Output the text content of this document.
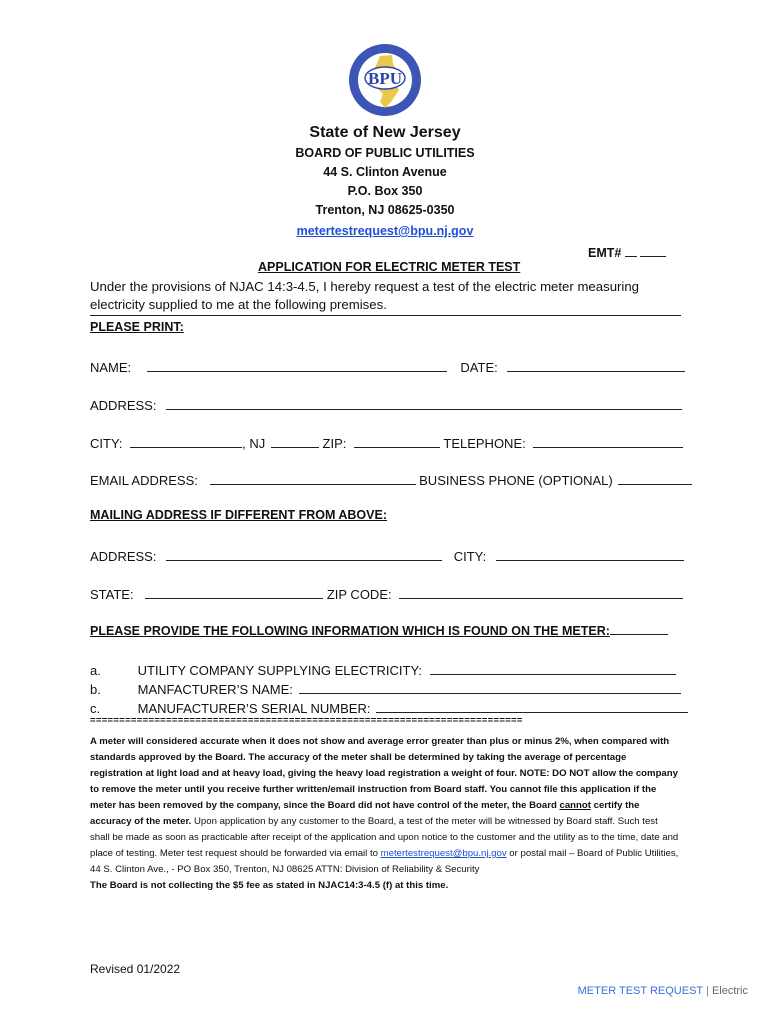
BPU
State of New Jersey
BOARD OF PUBLIC UTILITIES
44 S. Clinton Avenue
P.O. Box 350
Trenton, NJ 08625-0350
metertestrequest@bpu.nj.gov
EMT#
APPLICATION FOR ELECTRIC METER TEST
Under the provisions of NJAC 14:3-4.5, I hereby request a test of the electric meter measuring electricity supplied to me at the following premises.
PLEASE PRINT:
NAME:	DATE:
ADDRESS:
CITY:	, NJ	ZIP:	TELEPHONE:
EMAIL ADDRESS:	BUSINESS PHONE (OPTIONAL)
MAILING ADDRESS IF DIFFERENT FROM ABOVE:
ADDRESS:	CITY:
STATE:	ZIP CODE:
PLEASE PROVIDE THE FOLLOWING INFORMATION WHICH IS FOUND ON THE METER:
a.	UTILITY COMPANY SUPPLYING ELECTRICITY:
b.	MANFACTURER’S NAME:
c.	MANUFACTURER’S SERIAL NUMBER:
==========================================================================

A meter will considered accurate when it does not show and average error greater than plus or minus 2%, when compared with standards approved by the Board. The accuracy of the meter shall be determined by taking the average of percentage registration at light load and at heavy load, giving the heavy load registration a weight of four. NOTE: DO NOT allow the company to remove the meter until you receive further written/email instruction from Board staff. You cannot file this application if the meter has been removed by the company, since the Board did not have control of the meter, the Board cannot certify the accuracy of the meter. Upon application by any customer to the Board, a test of the meter will be witnessed by Board staff. Such test shall be made as soon as practicable after receipt of the application and upon notice to the customer and the utility as to the time, date and place of testing. Meter test request should be forwarded via email to metertestrequest@bpu.nj.gov or postal mail – Board of Public Utilities, 44 S. Clinton Ave., - PO Box 350, Trenton, NJ 08625 ATTN: Division of Reliability & Security

The Board is not collecting the $5 fee as stated in NJAC14:3-4.5 (f) at this time.

Revised 01/2022
METER TEST REQUEST | Electric
